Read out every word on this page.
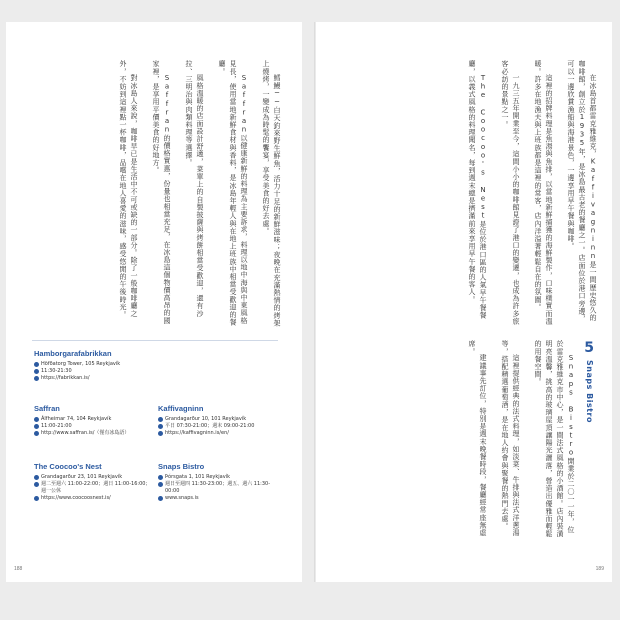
鱈鰻──白天釣來野生鮮魚，活力十足的新鮮滋味；夜晚在充滿熱情的烤架上燒烤，一變成為時髦的饗宴，享受美食的好去處。

Saffran以健康新鮮的料理為主要訴求，料理以地中海與中東風格見長，使用當地新鮮食材與香料，是冰島年輕人與在地上班族中相當受歡迎的餐廳。

風格溫暖的店面設計舒適，菜單上的自製披薩與烤餅相當受歡迎，還有沙拉、三明治與肉類料理等選擇。

Saffran的價格實惠，份量也相當充足，在冰島這個物價高昂的國家裡，是享用平價美食的好地方。

對冰島人來說，咖啡早已是生活中不可或缺的一部分。除了一般咖啡廳之外，不妨到這裡點一杯咖啡，品嚐在地人喜愛的滋味，感受悠閒的午後時光。

Hamborgarafabrikkan
Höfðatorg Tower, 105 Reykjavík
11:30-21:30
https://fabrikkan.is/
Saffran
Álfheimar 74, 104 Reykjavík
11:00-21:00
http://www.saffran.is/（僅有冰島語）
Kaffivagninn
Grandagarður 10, 101 Reykjavík
平日 07:30-21:00；週末 09:00-21:00
https://kaffivagninn.is/en/
The Coocoo's Nest
Grandagarður 23, 101 Reykjavík
週二至週六 11:00-22:00；週日 11:00-16:00；週一公休
https://www.coocoosnest.is/
Snaps Bistro
Þórsgata 1, 101 Reykjavík
週日至週四 11:30-23:00；週五、週六 11:30-00:00
www.snaps.is
188

在冰島首都雷克雅維克，Kaffivagninn是一間歷史悠久的咖啡館，創立於1935年，是冰島最古老的餐廳之一。店面位於港口旁邊，可以一邊欣賞漁船與海港景色，一邊享用早午餐與咖啡。

這裡的招牌料理是魚湯與魚排，以當地新鮮捕獲的海鮮製作，口味樸實而溫暖。許多在地漁夫與上班族都是這裡的常客，店內洋溢著輕鬆自在的氛圍。

一九三五年開業至今，這間小小的咖啡館見證了港口的變遷，也成為許多旅客必訪的景點之一。

The Coocoo's Nest是位於港口區的人氣早午餐餐廳，以義式風格的料理聞名，每到週末總是擠滿前來享用早午餐的客人。

5
Snaps Bistro

Snaps Bistro開業於二〇一一年，位於雷克雅維克市中心，是一間法式風格的小酒館。店內裝潢明亮溫馨，挑高的玻璃屋頂讓陽光灑落，營造出優雅而輕鬆的用餐空間。

這裡提供經典的法式料理，如淡菜、牛排與法式洋蔥湯等，搭配精選葡萄酒，是在地人約會與聚餐的熱門去處。

建議事先訂位，特別是週末晚餐時段，餐廳經常座無虛席。

189
